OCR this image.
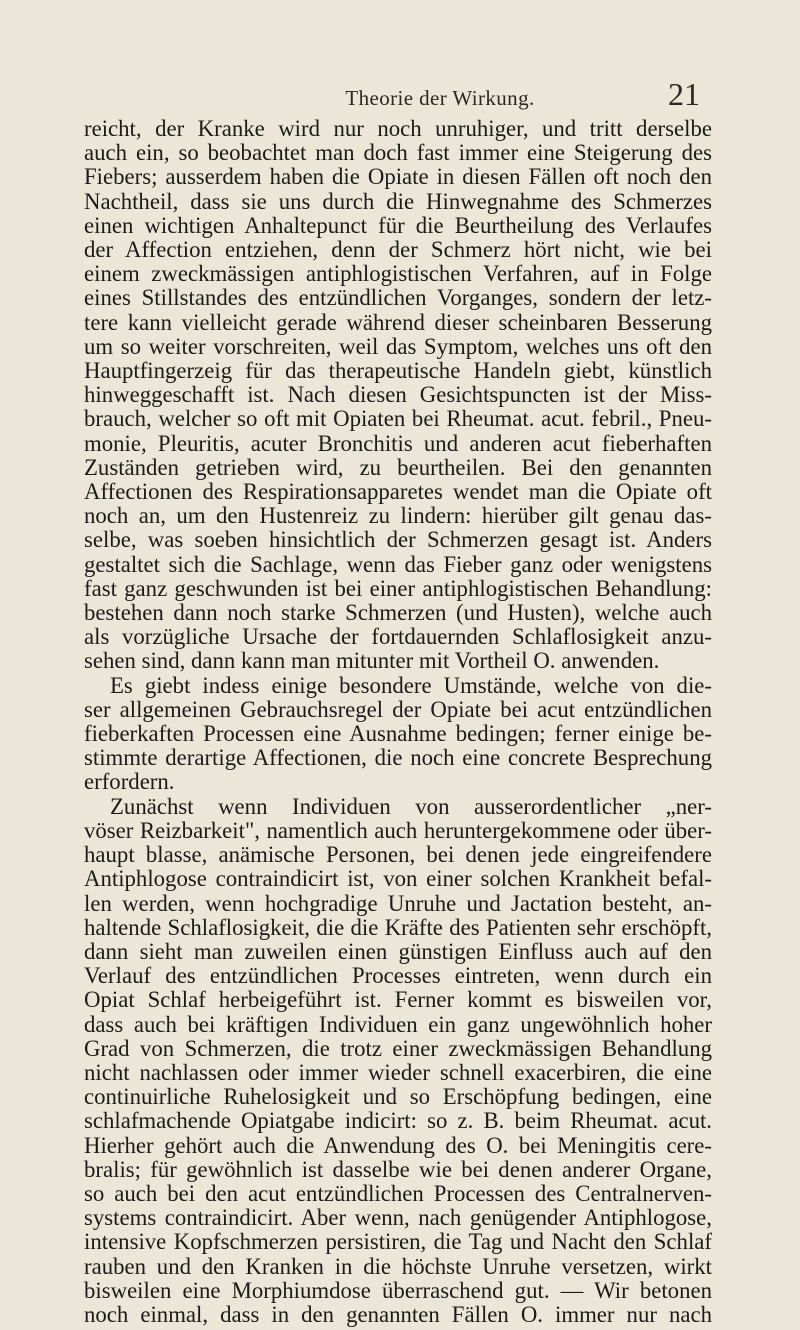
Theorie der Wirkung.	21
reicht, der Kranke wird nur noch unruhiger, und tritt derselbe
auch ein, so beobachtet man doch fast immer eine Steigerung des
Fiebers; ausserdem haben die Opiate in diesen Fällen oft noch den
Nachtheil, dass sie uns durch die Hinwegnahme des Schmerzes
einen wichtigen Anhaltepunct für die Beurtheilung des Verlaufes
der Affection entziehen, denn der Schmerz hört nicht, wie bei
einem zweckmässigen antiphlogistischen Verfahren, auf in Folge
eines Stillstandes des entzündlichen Vorganges, sondern der letz-
tere kann vielleicht gerade während dieser scheinbaren Besserung
um so weiter vorschreiten, weil das Symptom, welches uns oft den
Hauptfingerzeig für das therapeutische Handeln giebt, künstlich
hinweggeschafft ist. Nach diesen Gesichtspuncten ist der Miss-
brauch, welcher so oft mit Opiaten bei Rheumat. acut. febril., Pneu-
monie, Pleuritis, acuter Bronchitis und anderen acut fieberhaften
Zuständen getrieben wird, zu beurtheilen. Bei den genannten
Affectionen des Respirationsapparetes wendet man die Opiate oft
noch an, um den Hustenreiz zu lindern: hierüber gilt genau das-
selbe, was soeben hinsichtlich der Schmerzen gesagt ist. Anders
gestaltet sich die Sachlage, wenn das Fieber ganz oder wenigstens
fast ganz geschwunden ist bei einer antiphlogistischen Behandlung:
bestehen dann noch starke Schmerzen (und Husten), welche auch
als vorzügliche Ursache der fortdauernden Schlaflosigkeit anzu-
sehen sind, dann kann man mitunter mit Vortheil O. anwenden.
Es giebt indess einige besondere Umstände, welche von die-
ser allgemeinen Gebrauchsregel der Opiate bei acut entzündlichen
fieberkaften Processen eine Ausnahme bedingen; ferner einige be-
stimmte derartige Affectionen, die noch eine concrete Besprechung
erfordern.
Zunächst wenn Individuen von ausserordentlicher „ner-
vöser Reizbarkeit", namentlich auch heruntergekommene oder über-
haupt blasse, anämische Personen, bei denen jede eingreifendere
Antiphlogose contraindicirt ist, von einer solchen Krankheit befal-
len werden, wenn hochgradige Unruhe und Jactation besteht, an-
haltende Schlaflosigkeit, die die Kräfte des Patienten sehr erschöpft,
dann sieht man zuweilen einen günstigen Einfluss auch auf den
Verlauf des entzündlichen Processes eintreten, wenn durch ein
Opiat Schlaf herbeigeführt ist. Ferner kommt es bisweilen vor,
dass auch bei kräftigen Individuen ein ganz ungewöhnlich hoher
Grad von Schmerzen, die trotz einer zweckmässigen Behandlung
nicht nachlassen oder immer wieder schnell exacerbiren, die eine
continuirliche Ruhelosigkeit und so Erschöpfung bedingen, eine
schlafmachende Opiatgabe indicirt: so z. B. beim Rheumat. acut.
Hierher gehört auch die Anwendung des O. bei Meningitis cere-
bralis; für gewöhnlich ist dasselbe wie bei denen anderer Organe,
so auch bei den acut entzündlichen Processen des Centralnerven-
systems contraindicirt. Aber wenn, nach genügender Antiphlogose,
intensive Kopfschmerzen persistiren, die Tag und Nacht den Schlaf
rauben und den Kranken in die höchste Unruhe versetzen, wirkt
bisweilen eine Morphiumdose überraschend gut. — Wir betonen
noch einmal, dass in den genannten Fällen O. immer nur nach
